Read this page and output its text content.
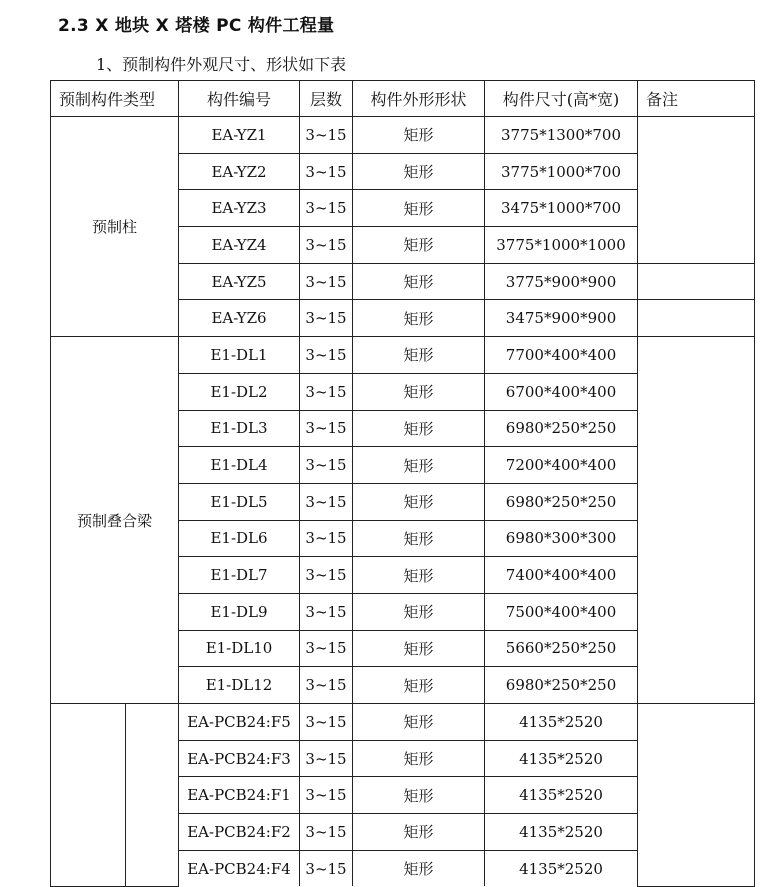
2.3 X 地块 X 塔楼 PC 构件工程量

1、预制构件外观尺寸、形状如下表

预制构件类型		构件编号	层数	构件外形形状	构件尺寸(高*宽)	备注
预制柱		EA-YZ1	3~15	矩形	3775*1300*700	
		EA-YZ2	3~15	矩形	3775*1000*700	
		EA-YZ3	3~15	矩形	3475*1000*700	
		EA-YZ4	3~15	矩形	3775*1000*1000	
		EA-YZ5	3~15	矩形	3775*900*900	
		EA-YZ6	3~15	矩形	3475*900*900	
预制叠合梁		E1-DL1	3~15	矩形	7700*400*400	
		E1-DL2	3~15	矩形	6700*400*400	
		E1-DL3	3~15	矩形	6980*250*250	
		E1-DL4	3~15	矩形	7200*400*400	
		E1-DL5	3~15	矩形	6980*250*250	
		E1-DL6	3~15	矩形	6980*300*300	
		E1-DL7	3~15	矩形	7400*400*400	
		E1-DL9	3~15	矩形	7500*400*400	
		E1-DL10	3~15	矩形	5660*250*250	
		E1-DL12	3~15	矩形	6980*250*250	
		EA-PCB24:F5	3~15	矩形	4135*2520	
		EA-PCB24:F3	3~15	矩形	4135*2520	
		EA-PCB24:F1	3~15	矩形	4135*2520	
		EA-PCB24:F2	3~15	矩形	4135*2520	
		EA-PCB24:F4	3~15	矩形	4135*2520	
